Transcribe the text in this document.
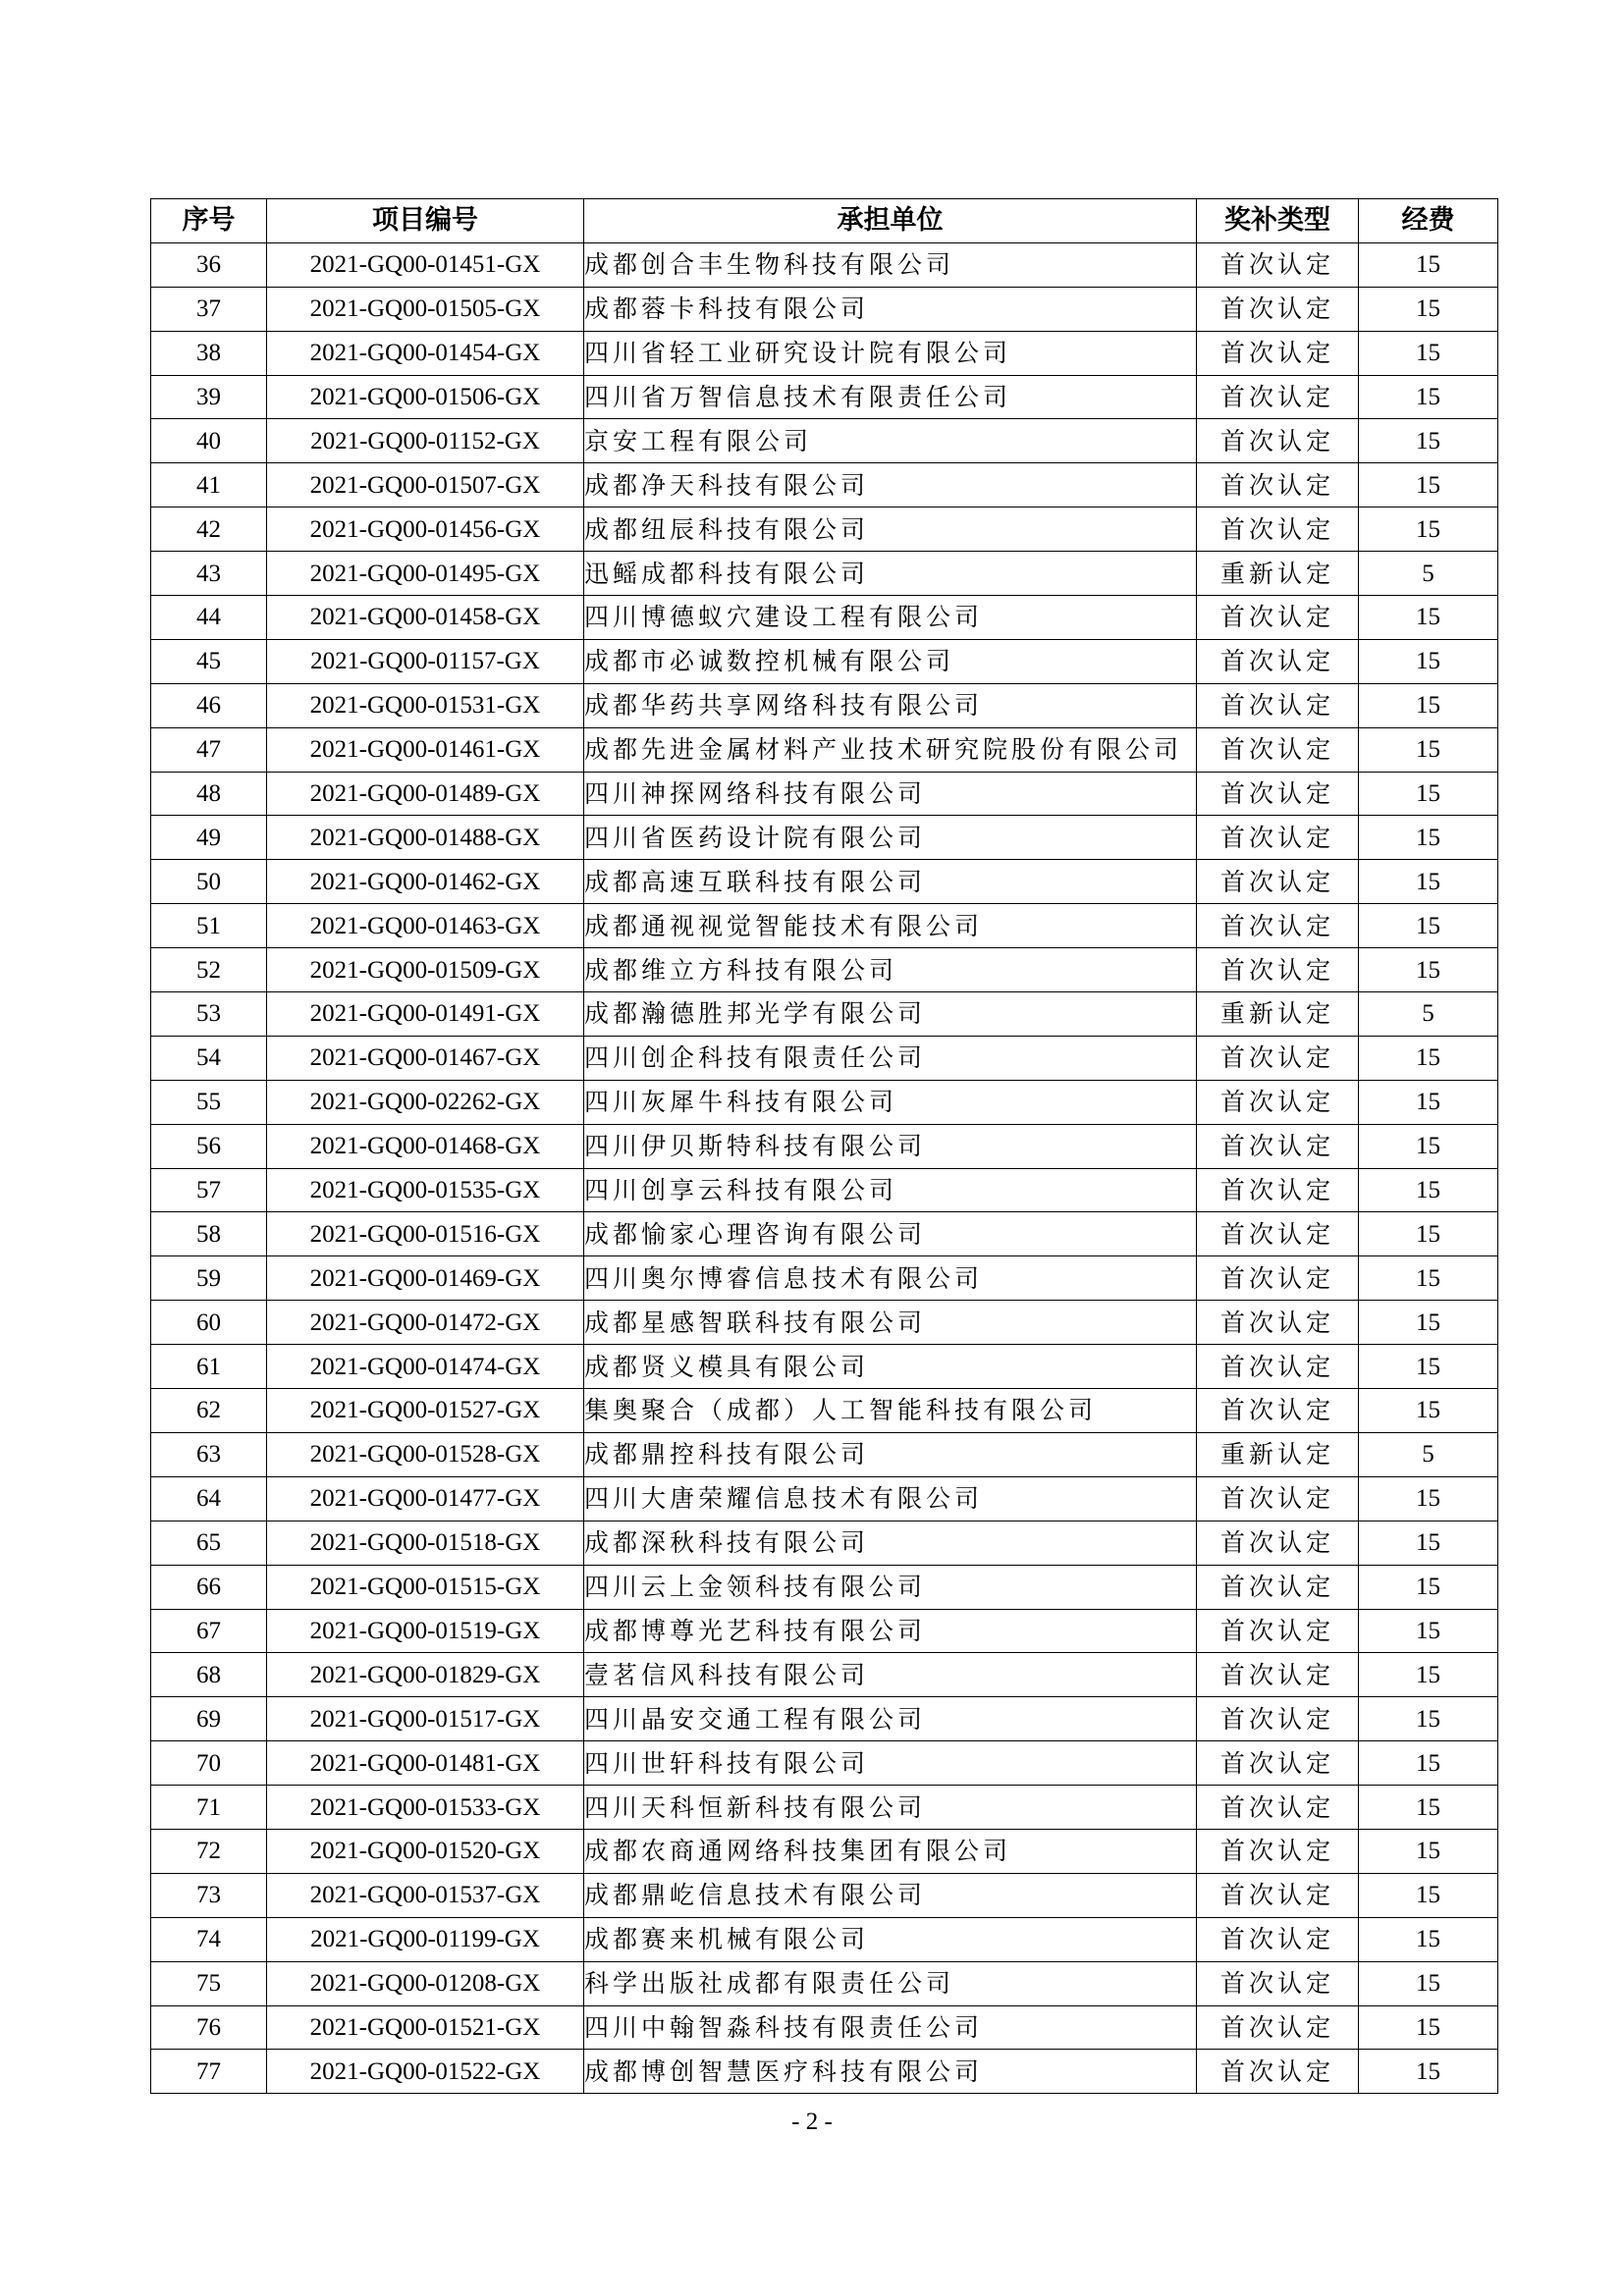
序号	项目编号	承担单位	奖补类型	经费
36	2021-GQ00-01451-GX	成都创合丰生物科技有限公司	首次认定	15
37	2021-GQ00-01505-GX	成都蓉卡科技有限公司	首次认定	15
38	2021-GQ00-01454-GX	四川省轻工业研究设计院有限公司	首次认定	15
39	2021-GQ00-01506-GX	四川省万智信息技术有限责任公司	首次认定	15
40	2021-GQ00-01152-GX	京安工程有限公司	首次认定	15
41	2021-GQ00-01507-GX	成都净天科技有限公司	首次认定	15
42	2021-GQ00-01456-GX	成都纽辰科技有限公司	首次认定	15
43	2021-GQ00-01495-GX	迅鳐成都科技有限公司	重新认定	5
44	2021-GQ00-01458-GX	四川博德蚁穴建设工程有限公司	首次认定	15
45	2021-GQ00-01157-GX	成都市必诚数控机械有限公司	首次认定	15
46	2021-GQ00-01531-GX	成都华药共享网络科技有限公司	首次认定	15
47	2021-GQ00-01461-GX	成都先进金属材料产业技术研究院股份有限公司	首次认定	15
48	2021-GQ00-01489-GX	四川神探网络科技有限公司	首次认定	15
49	2021-GQ00-01488-GX	四川省医药设计院有限公司	首次认定	15
50	2021-GQ00-01462-GX	成都高速互联科技有限公司	首次认定	15
51	2021-GQ00-01463-GX	成都通视视觉智能技术有限公司	首次认定	15
52	2021-GQ00-01509-GX	成都维立方科技有限公司	首次认定	15
53	2021-GQ00-01491-GX	成都瀚德胜邦光学有限公司	重新认定	5
54	2021-GQ00-01467-GX	四川创企科技有限责任公司	首次认定	15
55	2021-GQ00-02262-GX	四川灰犀牛科技有限公司	首次认定	15
56	2021-GQ00-01468-GX	四川伊贝斯特科技有限公司	首次认定	15
57	2021-GQ00-01535-GX	四川创享云科技有限公司	首次认定	15
58	2021-GQ00-01516-GX	成都愉家心理咨询有限公司	首次认定	15
59	2021-GQ00-01469-GX	四川奥尔博睿信息技术有限公司	首次认定	15
60	2021-GQ00-01472-GX	成都星感智联科技有限公司	首次认定	15
61	2021-GQ00-01474-GX	成都贤义模具有限公司	首次认定	15
62	2021-GQ00-01527-GX	集奥聚合（成都）人工智能科技有限公司	首次认定	15
63	2021-GQ00-01528-GX	成都鼎控科技有限公司	重新认定	5
64	2021-GQ00-01477-GX	四川大唐荣耀信息技术有限公司	首次认定	15
65	2021-GQ00-01518-GX	成都深秋科技有限公司	首次认定	15
66	2021-GQ00-01515-GX	四川云上金领科技有限公司	首次认定	15
67	2021-GQ00-01519-GX	成都博尊光艺科技有限公司	首次认定	15
68	2021-GQ00-01829-GX	壹茗信风科技有限公司	首次认定	15
69	2021-GQ00-01517-GX	四川晶安交通工程有限公司	首次认定	15
70	2021-GQ00-01481-GX	四川世轩科技有限公司	首次认定	15
71	2021-GQ00-01533-GX	四川天科恒新科技有限公司	首次认定	15
72	2021-GQ00-01520-GX	成都农商通网络科技集团有限公司	首次认定	15
73	2021-GQ00-01537-GX	成都鼎屹信息技术有限公司	首次认定	15
74	2021-GQ00-01199-GX	成都赛来机械有限公司	首次认定	15
75	2021-GQ00-01208-GX	科学出版社成都有限责任公司	首次认定	15
76	2021-GQ00-01521-GX	四川中翰智淼科技有限责任公司	首次认定	15
77	2021-GQ00-01522-GX	成都博创智慧医疗科技有限公司	首次认定	15
- 2 -
